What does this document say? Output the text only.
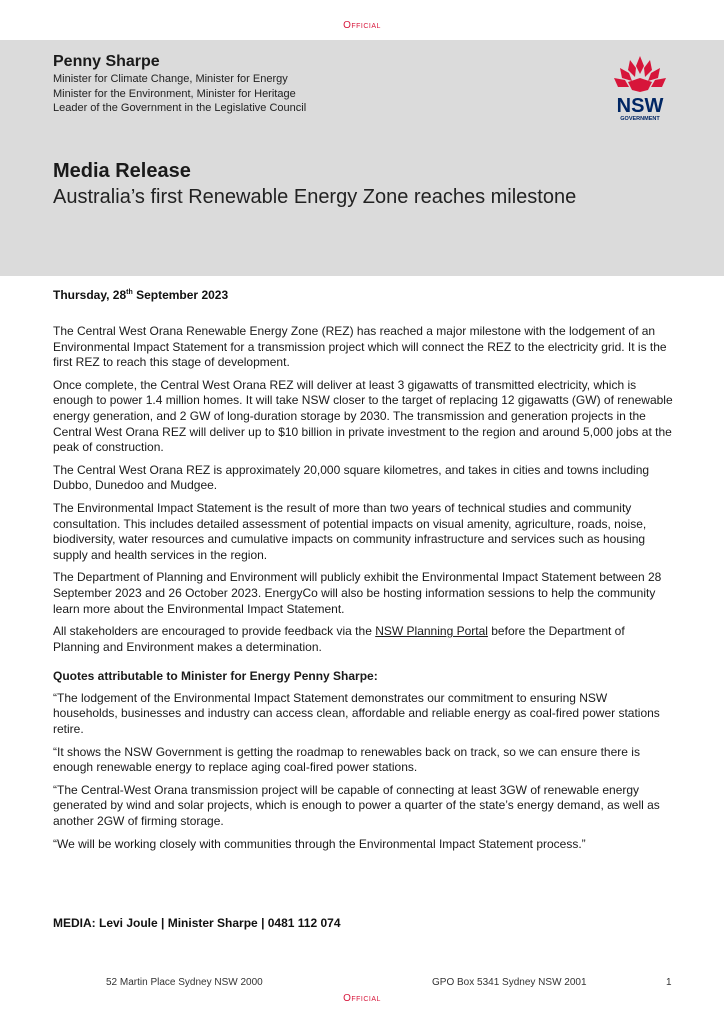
Official
Penny Sharpe
Minister for Climate Change, Minister for Energy
Minister for the Environment, Minister for Heritage
Leader of the Government in the Legislative Council	NSW
GOVERNMENT
Media Release
Australia’s first Renewable Energy Zone reaches milestone
Thursday, 28th September 2023

The Central West Orana Renewable Energy Zone (REZ) has reached a major milestone with the lodgement of an Environmental Impact Statement for a transmission project which will connect the REZ to the electricity grid. It is the first REZ to reach this stage of development.

Once complete, the Central West Orana REZ will deliver at least 3 gigawatts of transmitted electricity, which is enough to power 1.4 million homes. It will take NSW closer to the target of replacing 12 gigawatts (GW) of renewable energy generation, and 2 GW of long-duration storage by 2030. The transmission and generation projects in the Central West Orana REZ will deliver up to $10 billion in private investment to the region and around 5,000 jobs at the peak of construction.

The Central West Orana REZ is approximately 20,000 square kilometres, and takes in cities and towns including Dubbo, Dunedoo and Mudgee.

The Environmental Impact Statement is the result of more than two years of technical studies and community consultation. This includes detailed assessment of potential impacts on visual amenity, agriculture, roads, noise, biodiversity, water resources and cumulative impacts on community infrastructure and services such as housing supply and health services in the region.

The Department of Planning and Environment will publicly exhibit the Environmental Impact Statement between 28 September 2023 and 26 October 2023. EnergyCo will also be hosting information sessions to help the community learn more about the Environmental Impact Statement.

All stakeholders are encouraged to provide feedback via the NSW Planning Portal before the Department of Planning and Environment makes a determination.

Quotes attributable to Minister for Energy Penny Sharpe:

“The lodgement of the Environmental Impact Statement demonstrates our commitment to ensuring NSW households, businesses and industry can access clean, affordable and reliable energy as coal-fired power stations retire.

“It shows the NSW Government is getting the roadmap to renewables back on track, so we can ensure there is enough renewable energy to replace aging coal-fired power stations.

“The Central-West Orana transmission project will be capable of connecting at least 3GW of renewable energy generated by wind and solar projects, which is enough to power a quarter of the state’s energy demand, as well as another 2GW of firming storage.

“We will be working closely with communities through the Environmental Impact Statement process.”

MEDIA: Levi Joule | Minister Sharpe | 0481 112 074
52 Martin Place Sydney NSW 2000	GPO Box 5341 Sydney NSW 2001	1
Official
